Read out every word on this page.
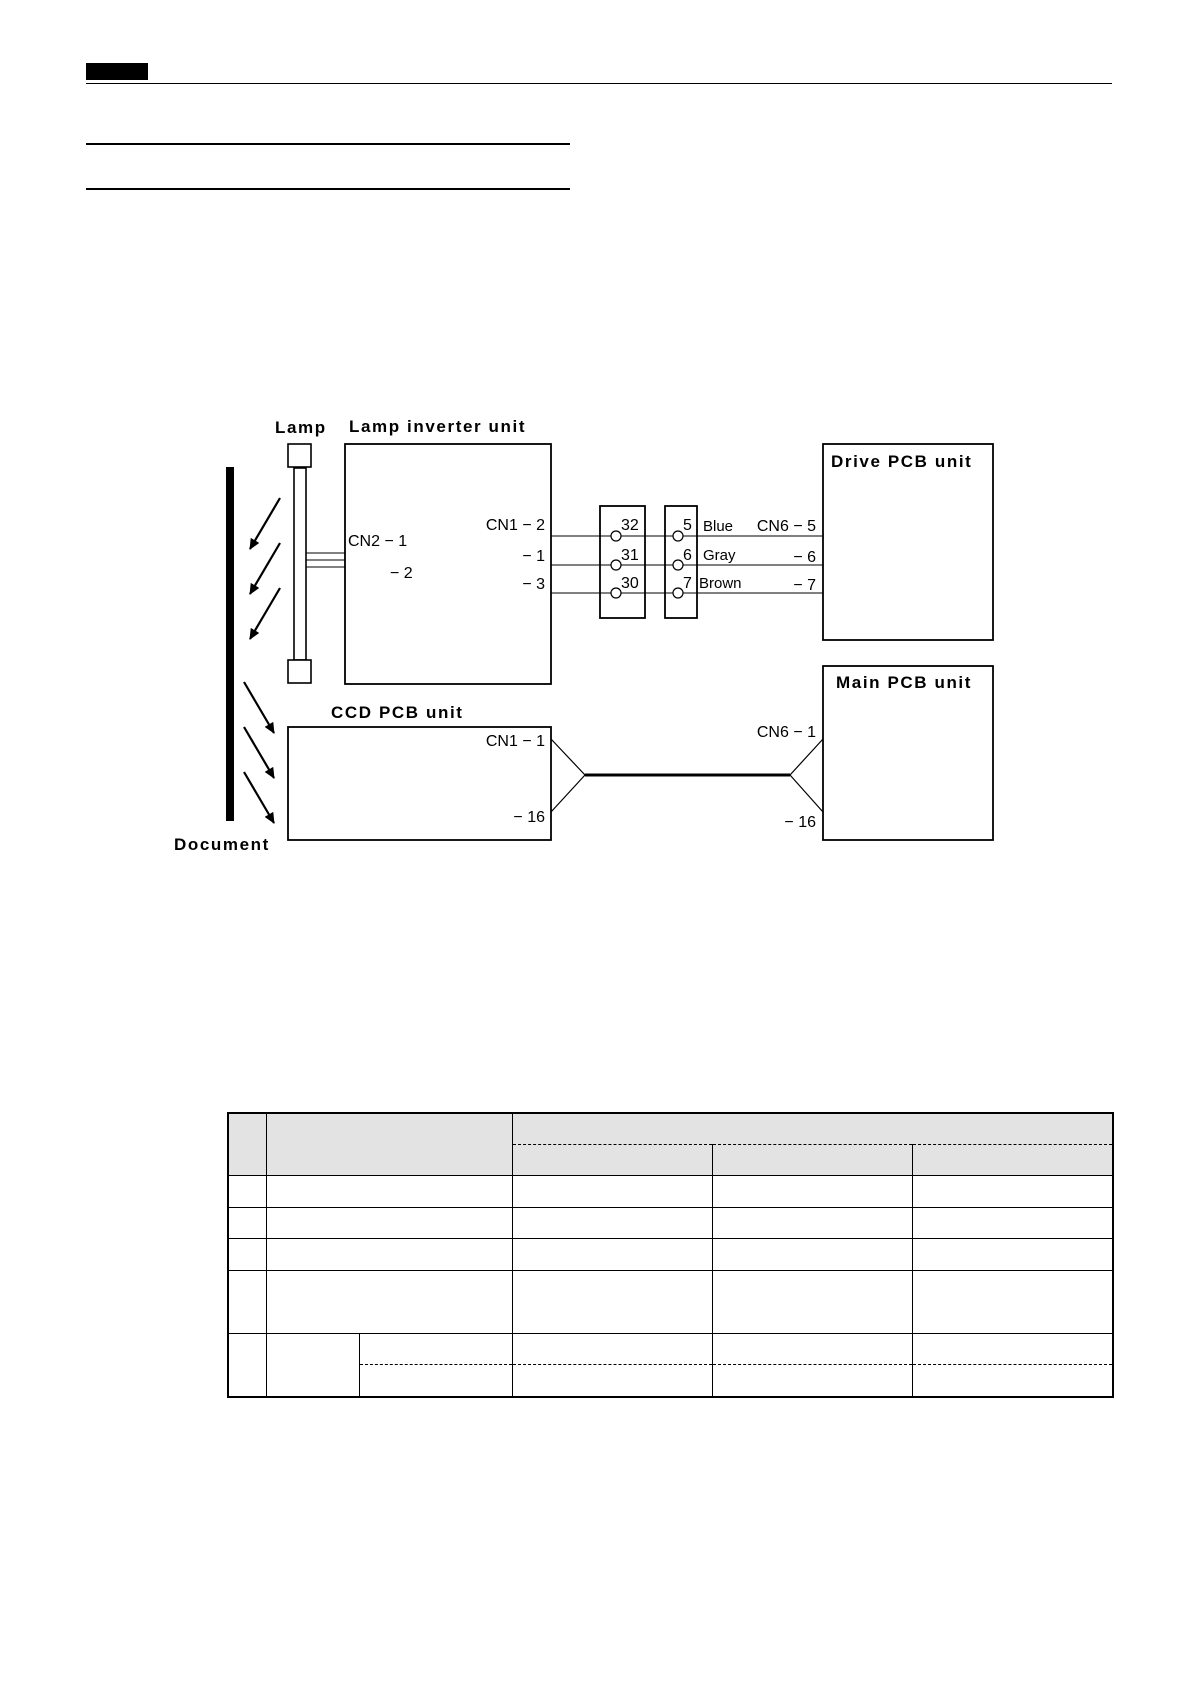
Document
Lamp Lamp inverter unit
CN2 − 1
− 2
CN1 − 2
− 1
− 3
32
31
30
5
6
7
Blue
Gray
Brown
Drive PCB unit
CN6 − 5
− 6
− 7
CCD PCB unit
CN1 − 1
− 16
Main PCB unit
CN6 − 1
− 16
